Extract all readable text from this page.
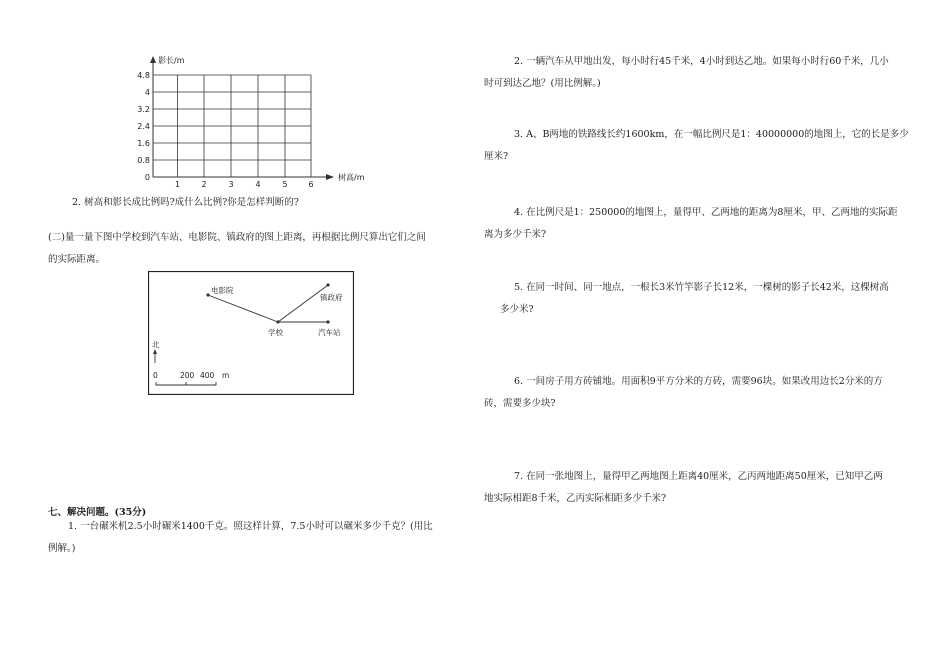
影长/m
树高/m
4.8
4
3.2
2.4
1.6
0.8
0
1	2	3	4	5	6
2. 树高和影长成比例吗?成什么比例?你是怎样判断的?
(二)量一量下图中学校到汽车站、电影院、镇政府的图上距离，再根据比例尺算出它们之间
的实际距离。
电影院
镇政府
学校	汽车站
北
0	200 400 m
七、解决问题。(35分)
1. 一台碾米机2.5小时碾米1400千克。照这样计算，7.5小时可以碾米多少千克？(用比
例解。)
2. 一辆汽车从甲地出发，每小时行45千米，4小时到达乙地。如果每小时行60千米，几小
时可到达乙地？(用比例解。)
3. A、B两地的铁路线长约1600km，在一幅比例尺是1：40000000的地图上，它的长是多少
厘米?
4. 在比例尺是1：250000的地图上，量得甲、乙两地的距离为8厘米，甲、乙两地的实际距
离为多少千米?
5. 在同一时间、同一地点，一根长3米竹竿影子长12米，一棵树的影子长42米，这棵树高
多少米?
6. 一间房子用方砖铺地。用面积9平方分米的方砖，需要96块。如果改用边长2分米的方
砖，需要多少块?
7. 在同一张地图上，量得甲乙两地图上距离40厘米，乙丙两地距离50厘米，已知甲乙两
地实际相距8千米，乙丙实际相距多少千米?
